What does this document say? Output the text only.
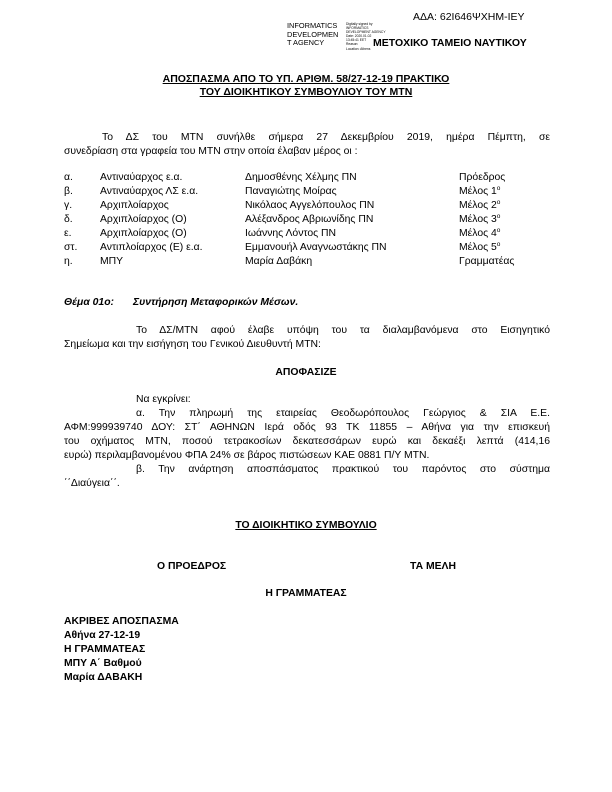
ΑΔΑ: 62Ι646ΨΧΗΜ-ΙΕΥ
INFORMATICS
DEVELOPMEN
T AGENCY
Digitally signed by
INFORMATICS
DEVELOPMENT AGENCY
Date: 2020.01.02
13:45:41 EET
Reason:
Location: Athens ΜΕΤΟΧΙΚΟ ΤΑΜΕΙΟ ΝΑΥΤΙΚΟΥ
ΑΠΟΣΠΑΣΜΑ ΑΠΟ ΤΟ ΥΠ. ΑΡΙΘΜ. 58/27-12-19 ΠΡΑΚΤΙΚΟ
ΤΟΥ ΔΙΟΙΚΗΤΙΚΟΥ ΣΥΜΒΟΥΛΙΟΥ ΤΟΥ ΜΤΝ
Το ΔΣ του ΜΤΝ συνήλθε σήμερα 27 Δεκεμβρίου 2019, ημέρα Πέμπτη, σε
συνεδρίαση στα γραφεία του ΜΤΝ στην οποία έλαβαν μέρος οι :
α.	Αντιναύαρχος ε.α.	Δημοσθένης Χέλμης ΠΝ	Πρόεδρος
β.	Αντιναύαρχος ΛΣ ε.α.	Παναγιώτης Μοίρας	Μέλος $1^o$
γ.	Αρχιπλοίαρχος	Νικόλαος Αγγελόπουλος ΠΝ	Μέλος $2^o$
δ.	Αρχιπλοίαρχος (Ο)	Αλέξανδρος Αβριωνίδης ΠΝ	Μέλος $3^o$
ε.	Αρχιπλοίαρχος (Ο)	Ιωάννης Λόντος ΠΝ	Μέλος $4^o$
στ. Αντιπλοίαρχος (Ε) ε.α.	Εμμανουήλ Αναγνωστάκης ΠΝ	Μέλος $5^o$
η.	ΜΠΥ	Μαρία Δαβάκη	Γραμματέας
Θέμα 01ο: Συντήρηση Μεταφορικών Μέσων.
Το ΔΣ/ΜΤΝ αφού έλαβε υπόψη του τα διαλαμβανόμενα στο Εισηγητικό
Σημείωμα και την εισήγηση του Γενικού Διευθυντή ΜΤΝ:
ΑΠΟΦΑΣΙΖΕ
Να εγκρίνει:
α. Την πληρωμή της εταιρείας Θεοδωρόπουλος Γεώργιος & ΣΙΑ Ε.Ε.
ΑΦΜ:999939740 ΔΟΥ: ΣΤ΄ ΑΘΗΝΩΝ Ιερά οδός 93 ΤΚ 11855 – Αθήνα για την επισκευή
του οχήματος ΜΤΝ, ποσού τετρακοσίων δεκατεσσάρων ευρώ και δεκαέξι λεπτά (414,16
ευρώ) περιλαμβανομένου ΦΠΑ 24% σε βάρος πιστώσεων ΚΑΕ 0881 Π/Υ ΜΤΝ.
β. Την ανάρτηση αποσπάσματος πρακτικού του παρόντος στο σύστημα
΄΄Διαύγεια΄΄.
ΤΟ ΔΙΟΙΚΗΤΙΚΟ ΣΥΜΒΟΥΛΙΟ
Ο ΠΡΟΕΔΡΟΣ	ΤΑ ΜΕΛΗ
Η ΓΡΑΜΜΑΤΕΑΣ
ΑΚΡΙΒΕΣ ΑΠΟΣΠΑΣΜΑ
Αθήνα 27-12-19
Η ΓΡΑΜΜΑΤΕΑΣ
ΜΠΥ Α΄ Βαθμού
Μαρία ΔΑΒΑΚΗ
